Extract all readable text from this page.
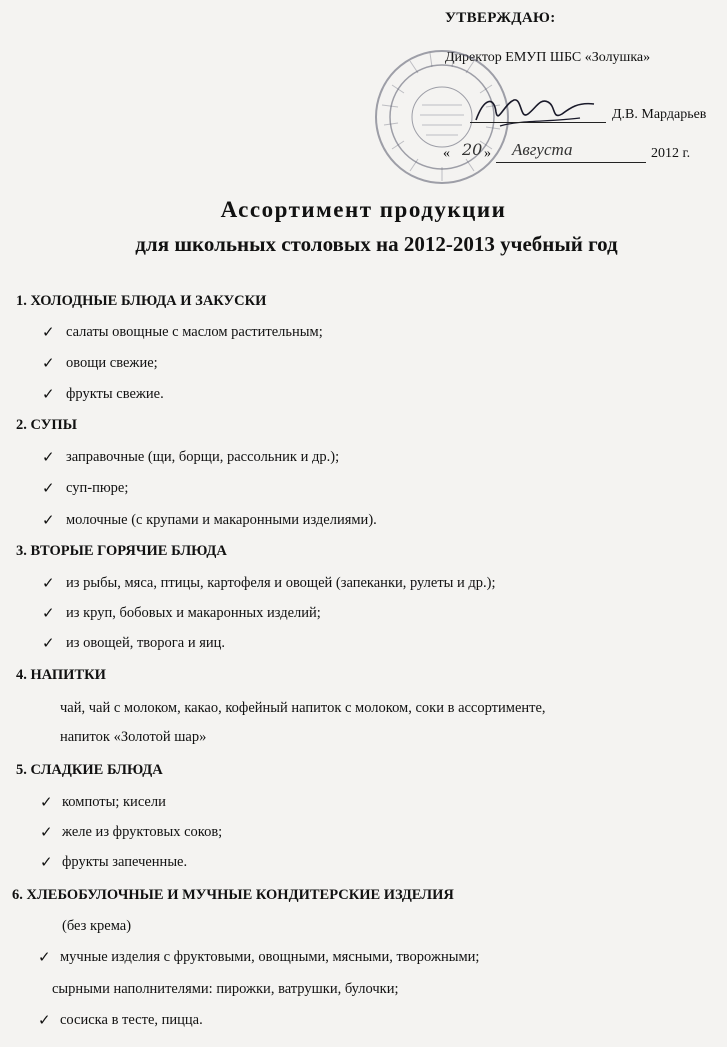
УТВЕРЖДАЮ:
Директор ЕМУП ШБС «Золушка»
Д.В. Мардарьев
« 20 » Августа	2012 г.
Ассортимент продукции
для школьных столовых на 2012-2013 учебный год
1. ХОЛОДНЫЕ БЛЮДА И ЗАКУСКИ
✓ салаты овощные с маслом растительным;
✓ овощи свежие;
✓ фрукты свежие.
2. СУПЫ
✓ заправочные (щи, борщи, рассольник и др.);
✓ суп-пюре;
✓ молочные (с крупами и макаронными изделиями).
3. ВТОРЫЕ ГОРЯЧИЕ БЛЮДА
✓ из рыбы, мяса, птицы, картофеля и овощей (запеканки, рулеты и др.);
✓ из круп, бобовых и макаронных изделий;
✓ из овощей, творога и яиц.
4. НАПИТКИ
чай, чай с молоком, какао, кофейный напиток с молоком, соки в ассортименте,
напиток «Золотой шар»
5. СЛАДКИЕ БЛЮДА
✓ компоты; кисели
✓ желе из фруктовых соков;
✓ фрукты запеченные.
6. ХЛЕБОБУЛОЧНЫЕ И МУЧНЫЕ КОНДИТЕРСКИЕ ИЗДЕЛИЯ
(без крема)
✓ мучные изделия с фруктовыми, овощными, мясными, творожными;
сырными наполнителями: пирожки, ватрушки, булочки;
✓ сосиска в тесте, пицца.
